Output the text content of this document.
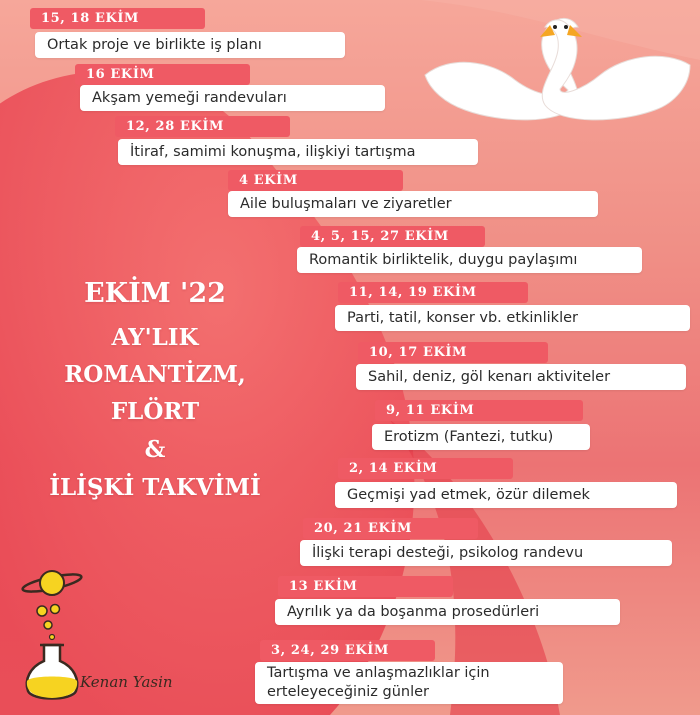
15, 18 EKİM
Ortak proje ve birlikte iş planı
16 EKİM
Akşam yemeği randevuları
12, 28 EKİM
İtiraf, samimi konuşma, ilişkiyi tartışma
4 EKİM
Aile buluşmaları ve ziyaretler
4, 5, 15, 27 EKİM
Romantik birliktelik, duygu paylaşımı
11, 14, 19 EKİM
Parti, tatil, konser vb. etkinlikler
10, 17 EKİM
Sahil, deniz, göl kenarı aktiviteler
9, 11 EKİM
Erotizm (Fantezi, tutku)
2, 14 EKİM
Geçmişi yad etmek, özür dilemek
20, 21 EKİM
İlişki terapi desteği, psikolog randevu
13 EKİM
Ayrılık ya da boşanma prosedürleri
3, 24, 29 EKİM
Tartışma ve anlaşmazlıklar için
erteleyeceğiniz günler
EKİM '22
AY'LIK
ROMANTİZM,
FLÖRT
&
İLİŞKİ TAKVİMİ
Kenan Yasin
